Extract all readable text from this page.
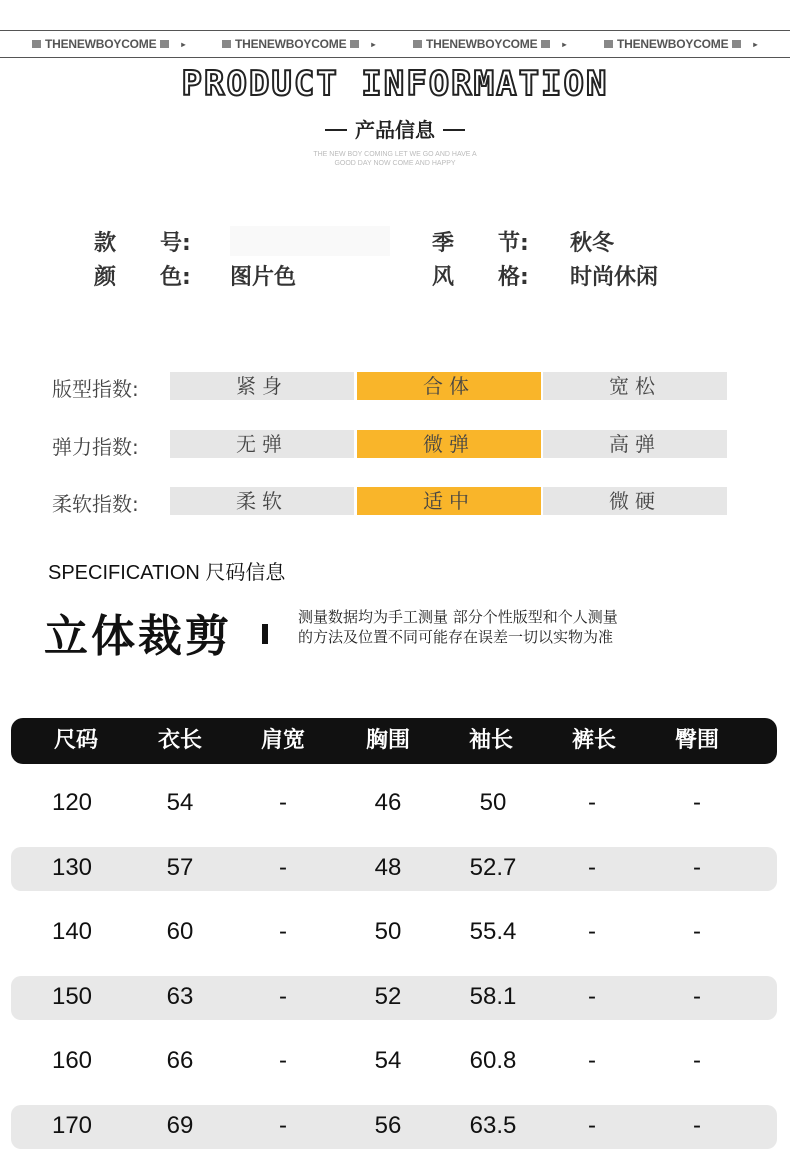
THENEWBOYCOME	▸	THENEWBOYCOME	▸	THENEWBOYCOME	▸	THENEWBOYCOME	▸
PRODUCT INFORMATION
产品信息
THE NEW BOY COMING LET WE GO AND HAVE A
GOOD DAY NOW COME AND HAPPY
款　　号:	季　　节: 秋冬
颜　　色: 图片色	风　　格: 时尚休闲
版型指数:	紧身	合体	宽松
弹力指数:	无弹	微弹	高弹
柔软指数:	柔软	适中	微硬
SPECIFICATION 尺码信息
立体裁剪	测量数据均为手工测量 部分个性版型和个人测量
的方法及位置不同可能存在误差一切以实物为准
尺码	衣长	肩宽	胸围	袖长	裤长	臀围
120	54	-	46	50	-	-
130	57	-	48	52.7	-	-
140	60	-	50	55.4	-	-
150	63	-	52	58.1	-	-
160	66	-	54	60.8	-	-
170	69	-	56	63.5	-	-
